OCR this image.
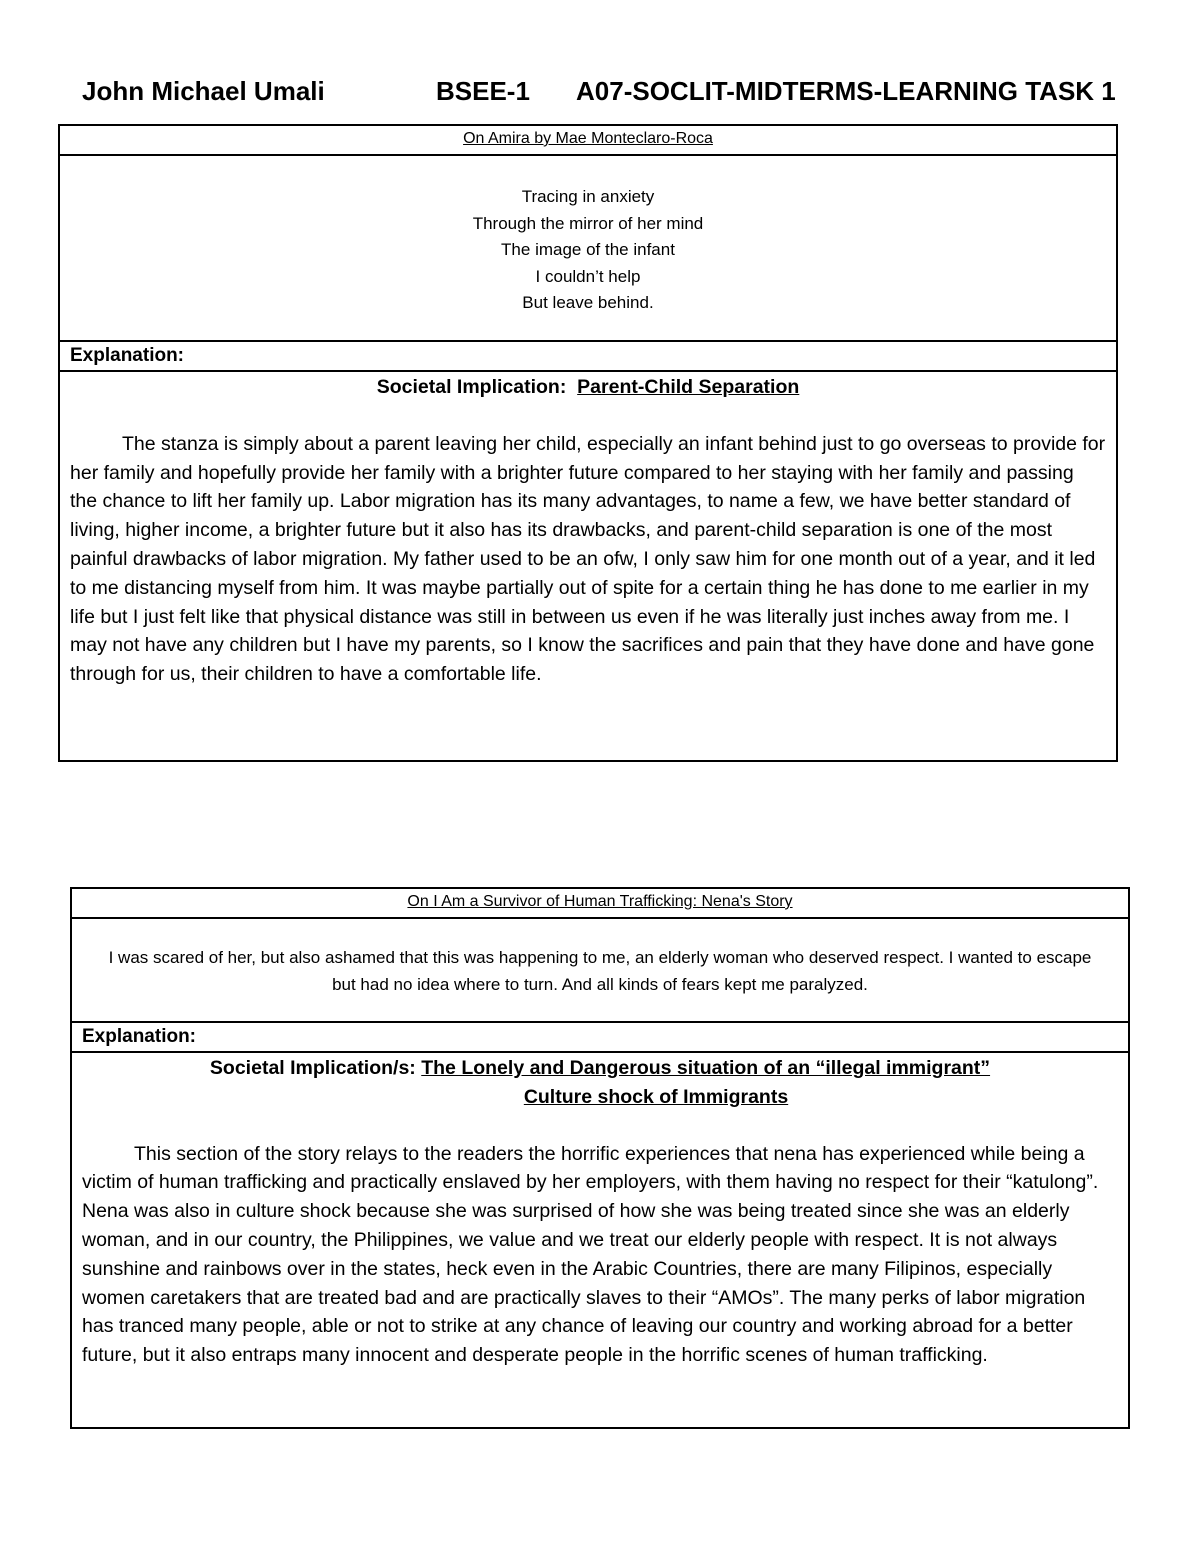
John Michael Umali	BSEE-1 A07-SOCLIT-MIDTERMS-LEARNING TASK 1
On Amira by Mae Monteclaro-Roca
Tracing in anxiety
Through the mirror of her mind
The image of the infant
I couldn’t help
But leave behind.
Explanation:
Societal Implication: Parent-Child Separation

The stanza is simply about a parent leaving her child, especially an infant behind just to go overseas to provide for her family and hopefully provide her family with a brighter future compared to her staying with her family and passing the chance to lift her family up. Labor migration has its many advantages, to name a few, we have better standard of living, higher income, a brighter future but it also has its drawbacks, and parent-child separation is one of the most painful drawbacks of labor migration. My father used to be an ofw, I only saw him for one month out of a year, and it led to me distancing myself from him. It was maybe partially out of spite for a certain thing he has done to me earlier in my life but I just felt like that physical distance was still in between us even if he was literally just inches away from me. I may not have any children but I have my parents, so I know the sacrifices and pain that they have done and have gone through for us, their children to have a comfortable life.

On I Am a Survivor of Human Trafficking: Nena's Story
I was scared of her, but also ashamed that this was happening to me, an elderly woman who deserved respect. I wanted to escape but had no idea where to turn. And all kinds of fears kept me paralyzed.
Explanation:
Societal Implication/s: The Lonely and Dangerous situation of an “illegal immigrant”
Culture shock of Immigrants

This section of the story relays to the readers the horrific experiences that nena has experienced while being a victim of human trafficking and practically enslaved by her employers, with them having no respect for their “katulong”. Nena was also in culture shock because she was surprised of how she was being treated since she was an elderly woman, and in our country, the Philippines, we value and we treat our elderly people with respect. It is not always sunshine and rainbows over in the states, heck even in the Arabic Countries, there are many Filipinos, especially women caretakers that are treated bad and are practically slaves to their “AMOs”. The many perks of labor migration has tranced many people, able or not to strike at any chance of leaving our country and working abroad for a better future, but it also entraps many innocent and desperate people in the horrific scenes of human trafficking.
